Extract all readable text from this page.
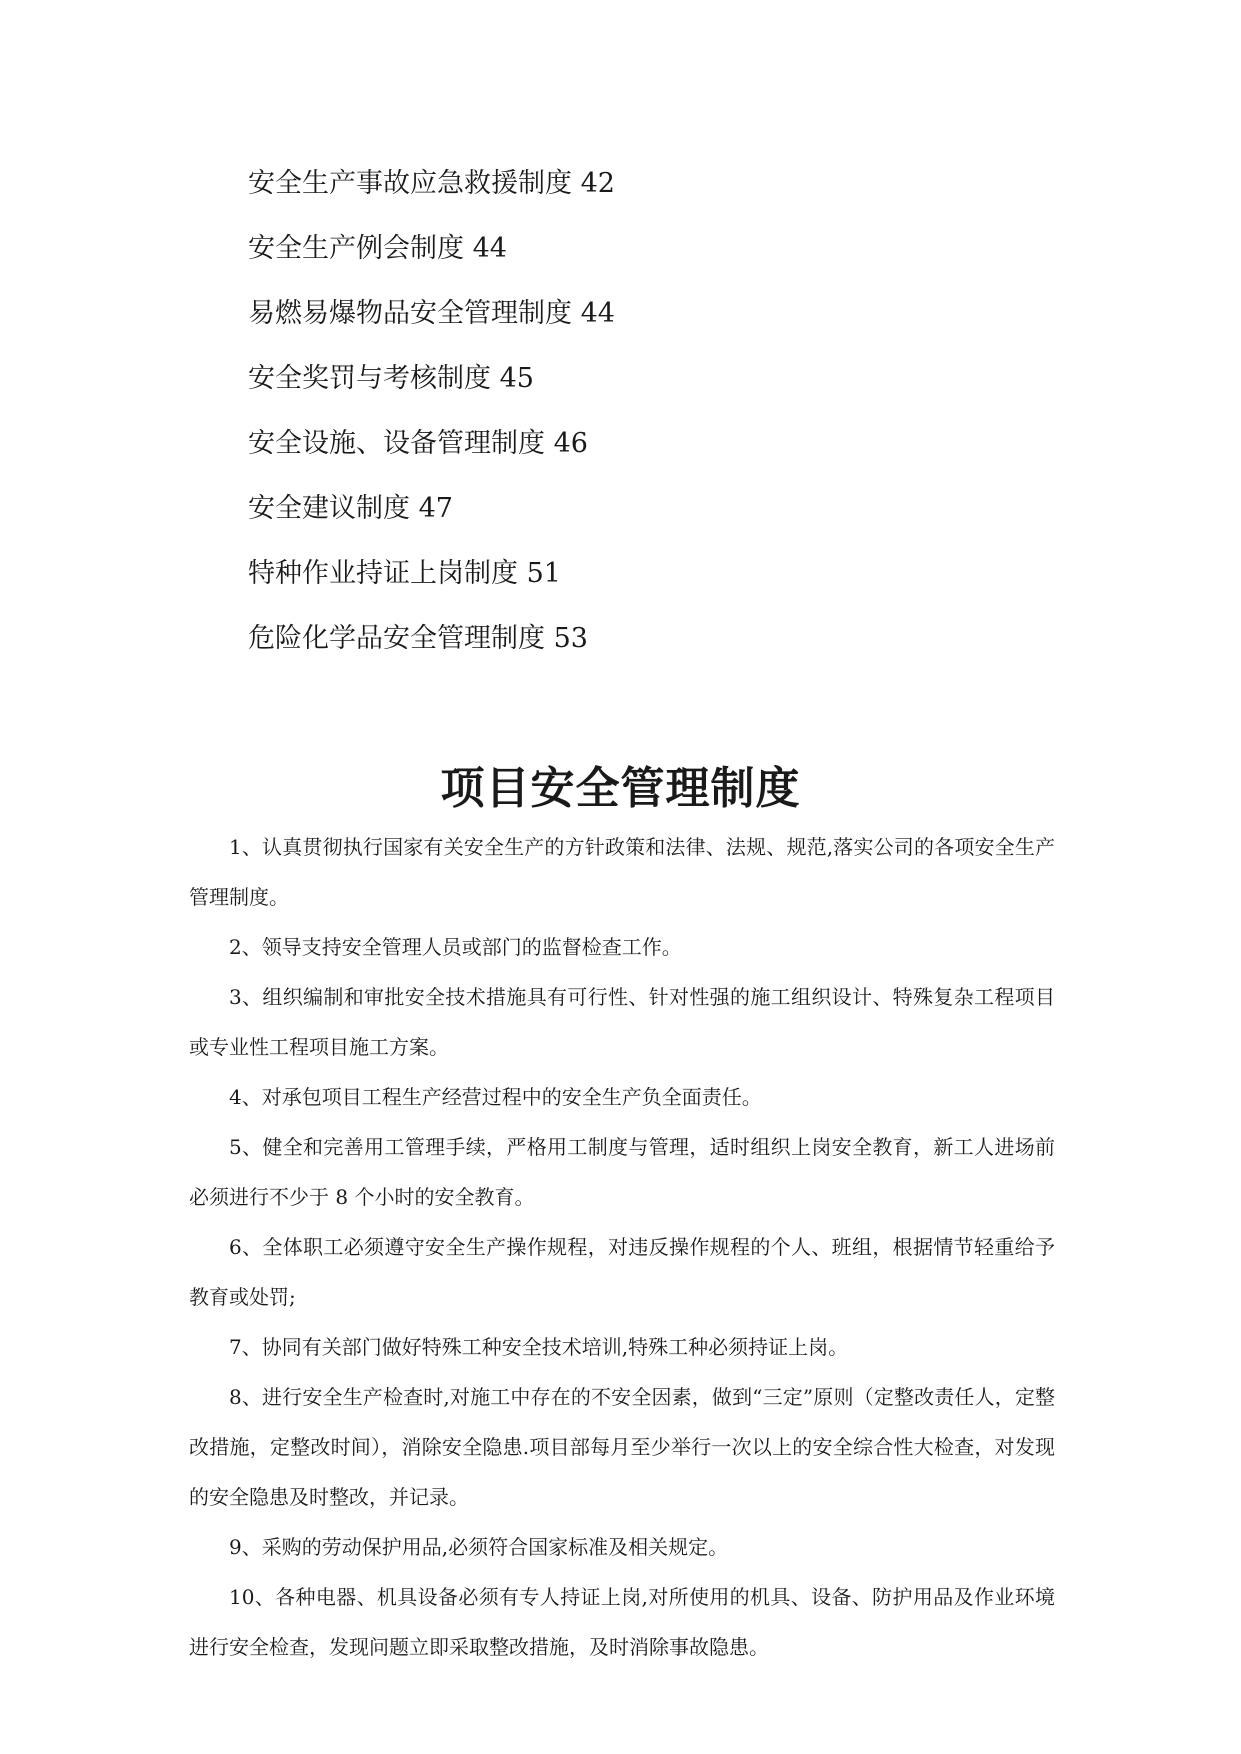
安全生产事故应急救援制度 42
安全生产例会制度 44
易燃易爆物品安全管理制度 44
安全奖罚与考核制度 45
安全设施、设备管理制度 46
安全建议制度 47
特种作业持证上岗制度 51
危险化学品安全管理制度 53
项目安全管理制度

1、认真贯彻执行国家有关安全生产的方针政策和法律、法规、规范,落实公司的各项安全生产管理制度。

2、领导支持安全管理人员或部门的监督检查工作。

3、组织编制和审批安全技术措施具有可行性、针对性强的施工组织设计、特殊复杂工程项目或专业性工程项目施工方案。

4、对承包项目工程生产经营过程中的安全生产负全面责任。

5、健全和完善用工管理手续，严格用工制度与管理，适时组织上岗安全教育，新工人进场前必须进行不少于 8 个小时的安全教育。

6、全体职工必须遵守安全生产操作规程，对违反操作规程的个人、班组，根据情节轻重给予教育或处罚;

7、协同有关部门做好特殊工种安全技术培训,特殊工种必须持证上岗。

8、进行安全生产检查时,对施工中存在的不安全因素，做到“三定”原则（定整改责任人，定整改措施，定整改时间），消除安全隐患.项目部每月至少举行一次以上的安全综合性大检查，对发现的安全隐患及时整改，并记录。

9、采购的劳动保护用品,必须符合国家标准及相关规定。

10、各种电器、机具设备必须有专人持证上岗,对所使用的机具、设备、防护用品及作业环境进行安全检查，发现问题立即采取整改措施，及时消除事故隐患。
